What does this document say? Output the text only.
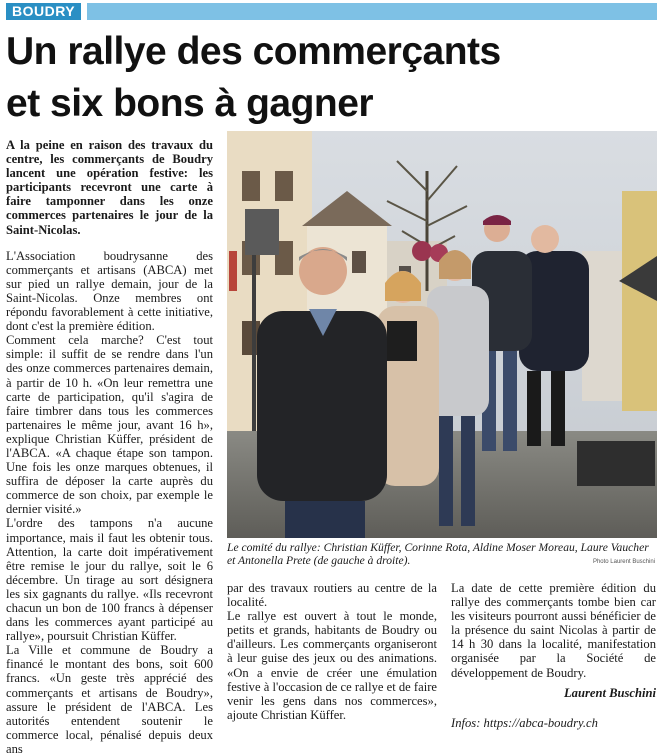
BOUDRY
Un rallye des commerçants
et six bons à gagner

A la peine en raison des travaux du centre, les commerçants de Boudry lancent une opération festive: les participants recevront une carte à faire tamponner dans les onze commerces partenaires le jour de la Saint-Nicolas.

L'Association boudrysanne des commerçants et artisans (ABCA) met sur pied un rallye demain, jour de la Saint-Nicolas. Onze membres ont répondu favorablement à cette initiative, dont c'est la première édition.

Comment cela marche? C'est tout simple: il suffit de se rendre dans l'un des onze commerces partenaires demain, à partir de 10 h. «On leur remettra une carte de participation, qu'il s'agira de faire timbrer dans tous les commerces partenaires le même jour, avant 16 h», explique Christian Küffer, président de l'ABCA. «A chaque étape son tampon. Une fois les onze marques obtenues, il suffira de déposer la carte auprès du commerce de son choix, par exemple le dernier visité.»

L'ordre des tampons n'a aucune importance, mais il faut les obtenir tous. Attention, la carte doit impérativement être remise le jour du rallye, soit le 6 décembre. Un tirage au sort désignera les six gagnants du rallye. «Ils recevront chacun un bon de 100 francs à dépenser dans les commerces ayant participé au rallye», poursuit Christian Küffer.

La Ville et commune de Boudry a financé le montant des bons, soit 600 francs. «Un geste très apprécié des commerçants et artisans de Boudry», assure le président de l'ABCA. Les autorités entendent soutenir le commerce local, pénalisé depuis deux ans

Le comité du rallye: Christian Küffer, Corinne Rota, Aldine Moser Moreau, Laure Vaucher et Antonella Prete (de gauche à droite).	Photo Laurent Buschini

par des travaux routiers au centre de la localité.

Le rallye est ouvert à tout le monde, petits et grands, habitants de Boudry ou d'ailleurs. Les commerçants organiseront à leur guise des jeux ou des animations. «On a envie de créer une émulation festive à l'occasion de ce rallye et de faire venir les gens dans nos commerces», ajoute Christian Küffer.

La date de cette première édition du rallye des commerçants tombe bien car les visiteurs pourront aussi bénéficier de la présence du saint Nicolas à partir de 14 h 30 dans la localité, manifestation organisée par la Société de développement de Boudry.

Laurent Buschini

Infos: https://abca-boudry.ch
